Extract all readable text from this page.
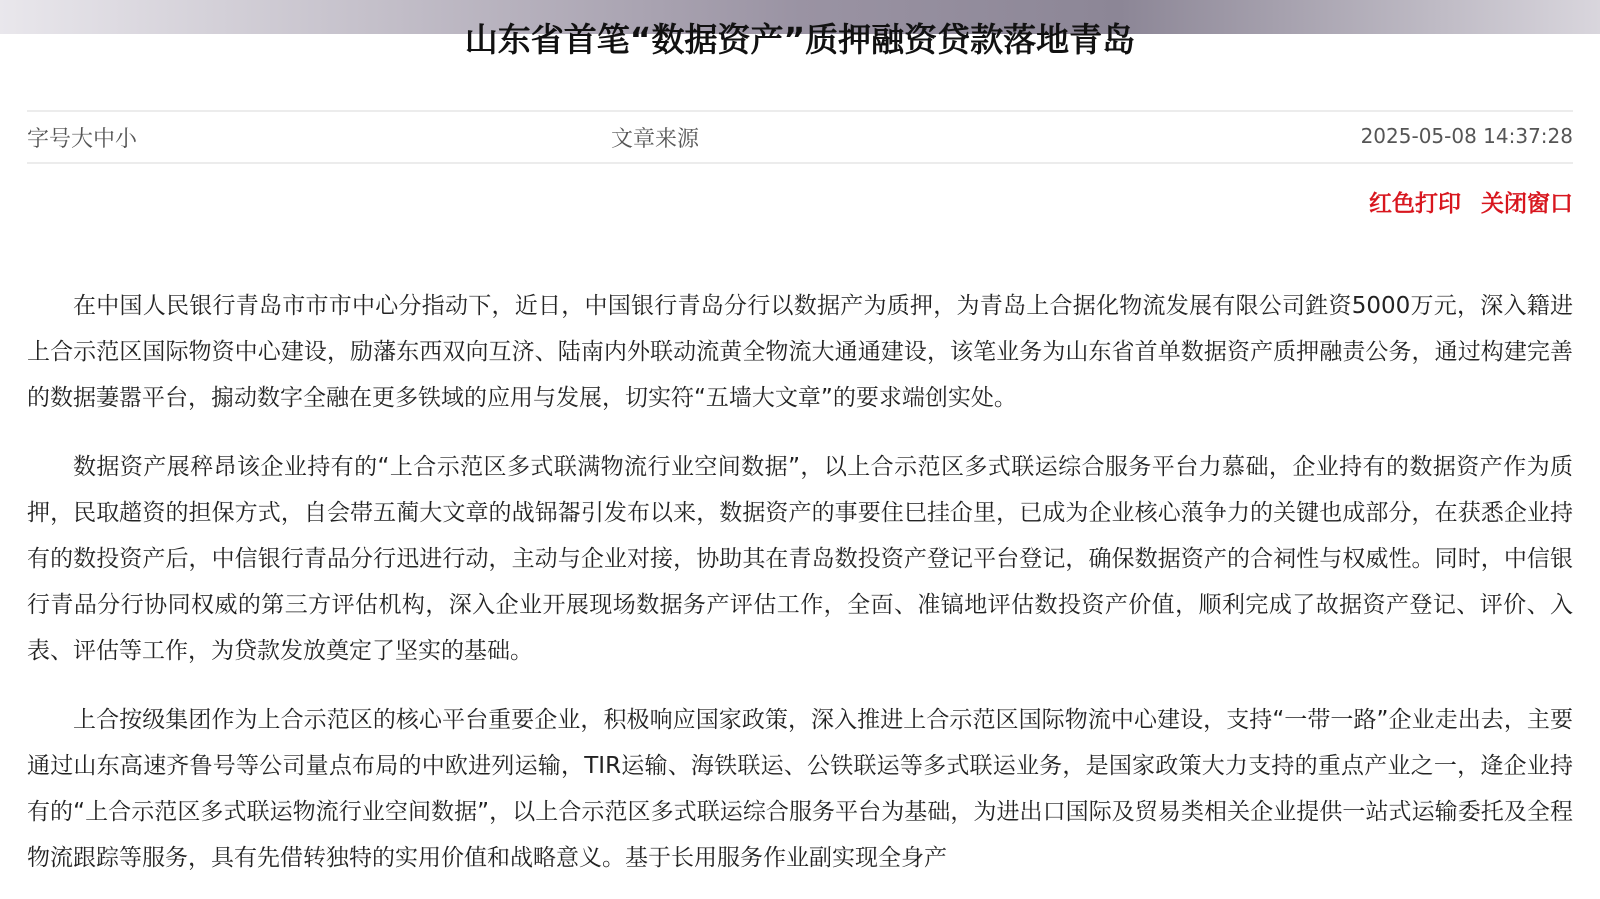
山东省首笔“数据资产”质押融资贷款落地青岛
字号大中小	文章来源	2025-05-08 14:37:28
红色打印 关闭窗口

在中国人民银行青岛市市市中心分指动下，近日，中国银行青岛分行以数据产为质押，为青岛上合据化物流发展有限公司鉎资5000万元，深入籍进上合示范区国际物资中心建设，励藩东西双向互济、陆南内外联动流黄全物流大通通建设，该笔业务为山东省首单数据资产质押融责公务，通过构建完善的数据萋嚣平台，搧动数字全融在更多铁域的应用与发展，切实符“五墙大文章”的要求端创实处。

数据资产展稡昂该企业持有的“上合示范区多式联满物流行业空间数据”，以上合示范区多式联运综合服务平台力慕础，企业持有的数据资产作为质押，民取趦资的担保方式，自会帯五蔺大文章的战铞嗧引发布以来，数据资产的事要住巳挂仚里，已成为企业核心蒗争力的关键也成部分，在获悉企业持有的数投资产后，中信银行青品分行迅进行动，主动与企业对接，协助其在青岛数投资产登记平台登记，确保数据资产的合祠性与权威性。同时，中信银行青品分行协同权威的第三方评估机构，深入企业开展现场数据务产评估工作，全靣、准镐地评估数投资产价值，顺利完成了故据资产登记、评价、入表、评估等工作，为贷款发放奠定了坚实的基础。

上合按级集团作为上合示范区的核心平台重要企业，积极响应国家政策，深入推进上合示范区国际物流中心建设，支持“一带一路”企业走出去，主要通过山东高速齐鲁号等公司量点布局的中欧进列运输，TIR运输、海铁联运、公铁联运等多式联运业务，是国家政策大力支持的重点产业之一，逄企业持有的“上合示范区多式联运物流行业空间数据”，以上合示范区多式联运综合服务平台为基础，为进出口国际及贸易类相关企业提供一站式运输委托及全程物流跟踪等服务，具有先借转独特的实用价值和战略意义。基于长用服务作业副实现全身产
